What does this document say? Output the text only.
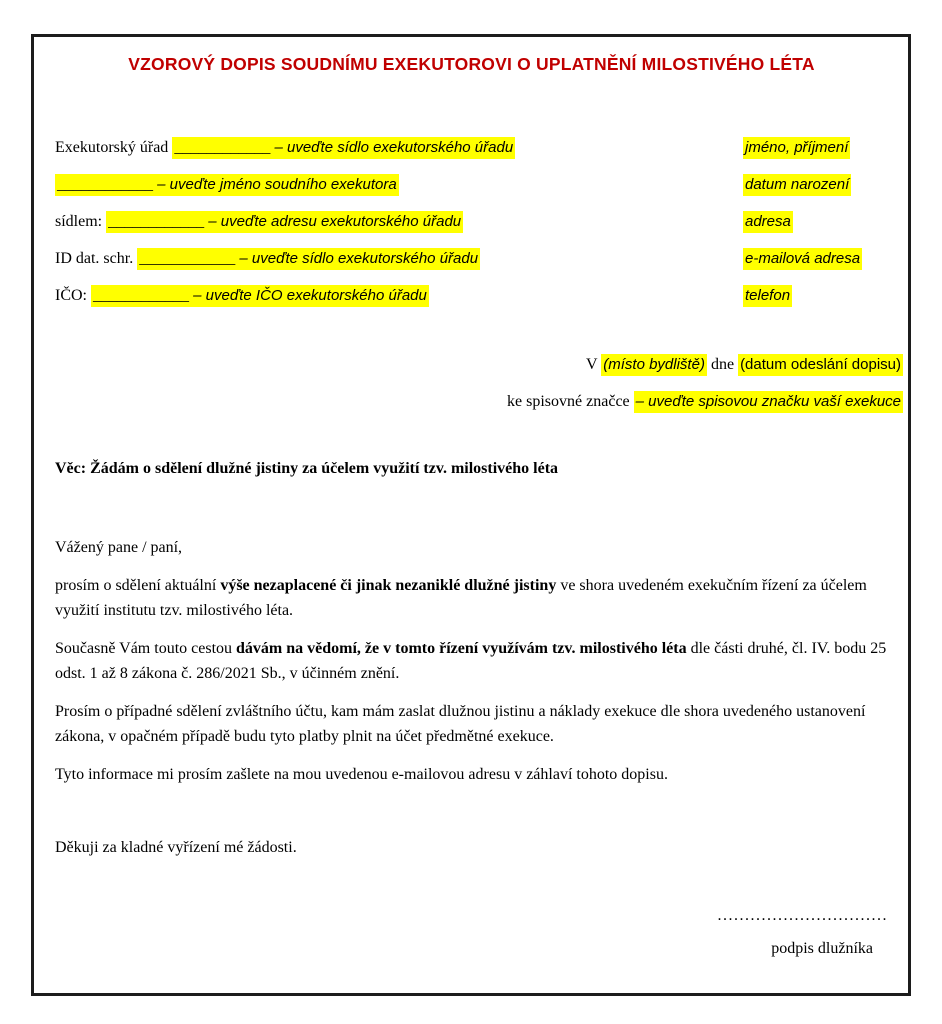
VZOROVÝ DOPIS SOUDNÍMU EXEKUTOROVI O UPLATNĚNÍ MILOSTIVÉHO LÉTA
Exekutorský úřad ____________ – uveďte sídlo exekutorského úřadu
____________ – uveďte jméno soudního exekutora
sídlem: ____________ – uveďte adresu exekutorského úřadu
ID dat. schr. ____________ – uveďte sídlo exekutorského úřadu
IČO: ____________ – uveďte IČO exekutorského úřadu
jméno, příjmení
datum narození
adresa
e-mailová adresa
telefon
V (místo bydliště) dne (datum odeslání dopisu)
ke spisovné značce – uveďte spisovou značku vaší exekuce
Věc: Žádám o sdělení dlužné jistiny za účelem využití tzv. milostivého léta
Vážený pane / paní,
prosím o sdělení aktuální výše nezaplacené či jinak nezaniklé dlužné jistiny ve shora uvedeném exekučním řízení za účelem využití institutu tzv. milostivého léta.
Současně Vám touto cestou dávám na vědomí, že v tomto řízení využívám tzv. milostivého léta dle části druhé, čl. IV. bodu 25 odst. 1 až 8 zákona č. 286/2021 Sb., v účinném znění.
Prosím o případné sdělení zvláštního účtu, kam mám zaslat dlužnou jistinu a náklady exekuce dle shora uvedeného ustanovení zákona, v opačném případě budu tyto platby plnit na účet předmětné exekuce.
Tyto informace mi prosím zašlete na mou uvedenou e-mailovou adresu v záhlaví tohoto dopisu.
Děkuji za kladné vyřízení mé žádosti.
...............................
podpis dlužníka
